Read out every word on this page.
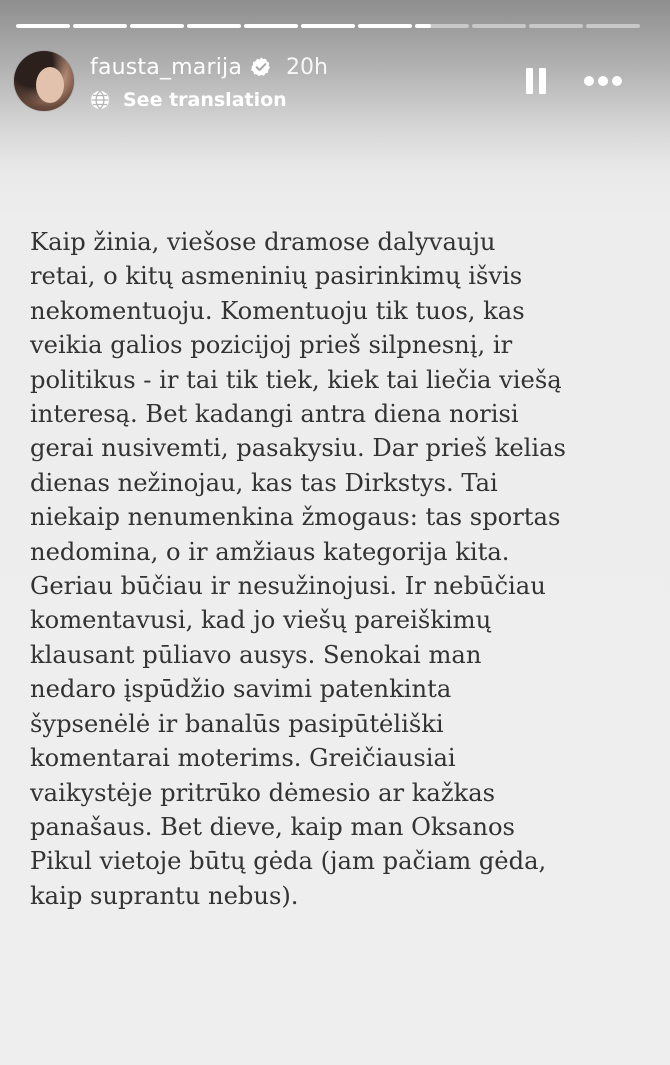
fausta_marija 20h
See translation
Kaip žinia, viešose dramose dalyvauju
retai, o kitų asmeninių pasirinkimų išvis
nekomentuoju. Komentuoju tik tuos, kas
veikia galios pozicijoj prieš silpnesnį, ir
politikus - ir tai tik tiek, kiek tai liečia viešą
interesą. Bet kadangi antra diena norisi
gerai nusivemti, pasakysiu. Dar prieš kelias
dienas nežinojau, kas tas Dirkstys. Tai
niekaip nenumenkina žmogaus: tas sportas
nedomina, o ir amžiaus kategorija kita.
Geriau būčiau ir nesužinojusi. Ir nebūčiau
komentavusi, kad jo viešų pareiškimų
klausant pūliavo ausys. Senokai man
nedaro įspūdžio savimi patenkinta
šypsenėlė ir banalūs pasipūtėliški
komentarai moterims. Greičiausiai
vaikystėje pritrūko dėmesio ar kažkas
panašaus. Bet dieve, kaip man Oksanos
Pikul vietoje būtų gėda (jam pačiam gėda,
kaip suprantu nebus).
